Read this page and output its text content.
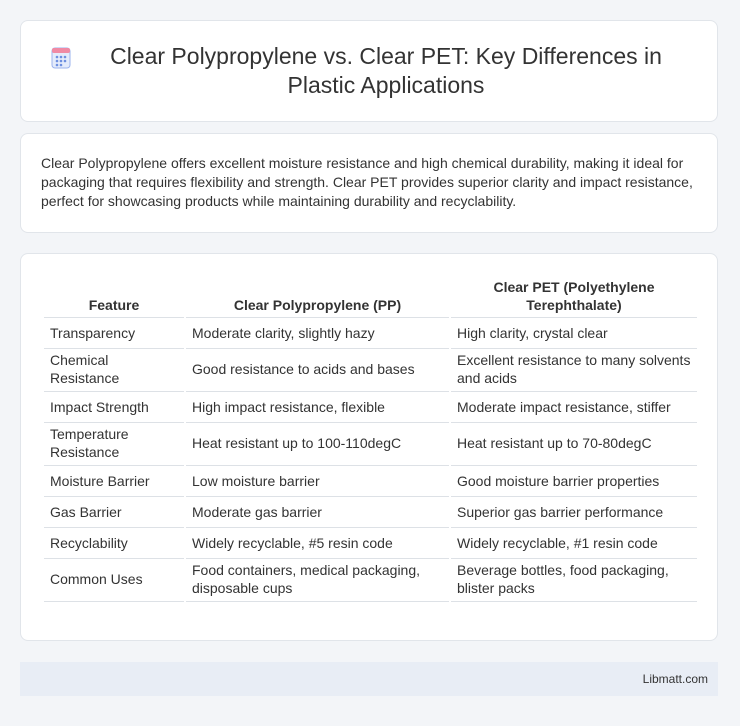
Clear Polypropylene vs. Clear PET: Key Differences in Plastic Applications

Clear Polypropylene offers excellent moisture resistance and high chemical durability, making it ideal for packaging that requires flexibility and strength. Clear PET provides superior clarity and impact resistance, perfect for showcasing products while maintaining durability and recyclability.

Feature	Clear Polypropylene (PP)	Clear PET (Polyethylene Terephthalate)
Transparency	Moderate clarity, slightly hazy	High clarity, crystal clear
Chemical Resistance	Good resistance to acids and bases	Excellent resistance to many solvents and acids
Impact Strength	High impact resistance, flexible	Moderate impact resistance, stiffer
Temperature Resistance	Heat resistant up to 100-110degC	Heat resistant up to 70-80degC
Moisture Barrier	Low moisture barrier	Good moisture barrier properties
Gas Barrier	Moderate gas barrier	Superior gas barrier performance
Recyclability	Widely recyclable, #5 resin code	Widely recyclable, #1 resin code
Common Uses	Food containers, medical packaging, disposable cups	Beverage bottles, food packaging, blister packs
Libmatt.com
